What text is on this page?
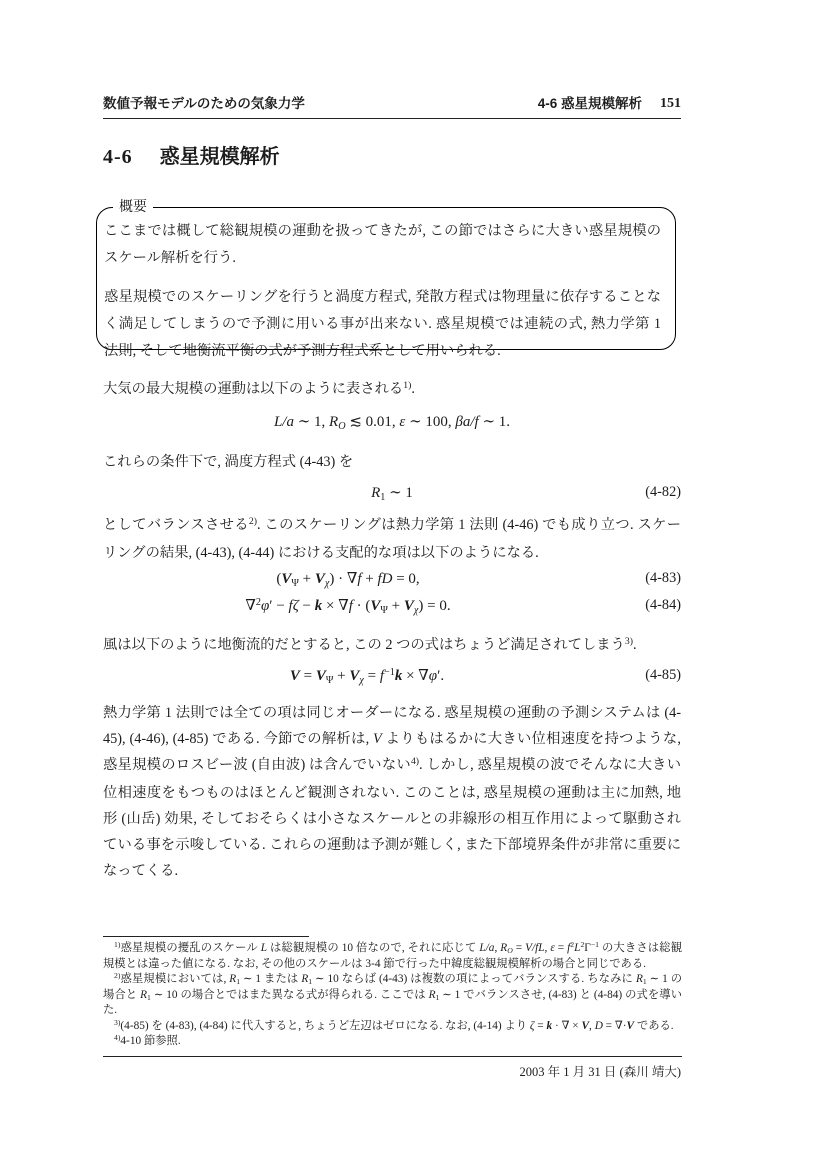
数値予報モデルのための気象力学	4-6 惑星規模解析 151
4-6 惑星規模解析
概要

ここまでは概して総観規模の運動を扱ってきたが, この節ではさらに大きい惑星規模のスケール解析を行う.

惑星規模でのスケーリングを行うと渦度方程式, 発散方程式は物理量に依存することなく満足してしまうので予測に用いる事が出来ない. 惑星規模では連続の式, 熱力学第 1 法則, そして地衡流平衡の式が予測方程式系として用いられる.

大気の最大規模の運動は以下のように表される$^{1)}$.

L/a ∼ 1, $R_O$ ≲ 0.01, ε ∼ 100, βa/f ∼ 1.

これらの条件下で, 渦度方程式 (4-43) を

$R_1$ ∼ 1	(4-82)

としてバランスさせる$^{2)}$. このスケーリングは熱力学第 1 法則 (4-46) でも成り立つ. スケーリングの結果, (4-43), (4-44) における支配的な項は以下のようになる.

$(V_\Psi + V_\chi) \cdot \nabla f$ + fD = 0,	(4-83)
$\nabla^2\varphi' - f\zeta - k \times \nabla f \cdot (V_\Psi + V_\chi) = 0$.	(4-84)

風は以下のように地衡流的だとすると, この 2 つの式はちょうど満足されてしまう$^{3)}$.

$V = V_\Psi + V_\chi = f^{-1}k \times \nabla\varphi'$.	(4-85)

熱力学第 1 法則では全ての項は同じオーダーになる. 惑星規模の運動の予測システムは (4-45), (4-46), (4-85) である. 今節での解析は, V よりもはるかに大きい位相速度を持つような, 惑星規模のロスビー波 (自由波) は含んでいない$^{4)}$. しかし, 惑星規模の波でそんなに大きい位相速度をもつものはほとんど観測されない. このことは, 惑星規模の運動は主に加熱, 地形 (山岳) 効果, そしておそらくは小さなスケールとの非線形の相互作用によって駆動されている事を示唆している. これらの運動は予測が難しく, また下部境界条件が非常に重要になってくる.

$^{1)}$惑星規模の擾乱のスケール L は総観規模の 10 倍なので, それに応じて L/a, $R_O = V/fL$, $\varepsilon = f^2L^2\Gamma^{-1}$ の大きさは総観規模とは違った値になる. なお, その他のスケールは 3-4 節で行った中緯度総観規模解析の場合と同じである.

$^{2)}$惑星規模においては, $R_1$ ∼ 1 または $R_1$ ∼ 10 ならば (4-43) は複数の項によってバランスする. ちなみに $R_1$ ∼ 1 の場合と $R_1$ ∼ 10 の場合とではまた異なる式が得られる. ここでは $R_1$ ∼ 1 でバランスさせ, (4-83) と (4-84) の式を導いた.

$^{3)}$(4-85) を (4-83), (4-84) に代入すると, ちょうど左辺はゼロになる. なお, (4-14) より ζ = k · ∇ × V, D = ∇·V である.

$^{4)}$4-10 節参照.

2003 年 1 月 31 日 (森川 靖大)
